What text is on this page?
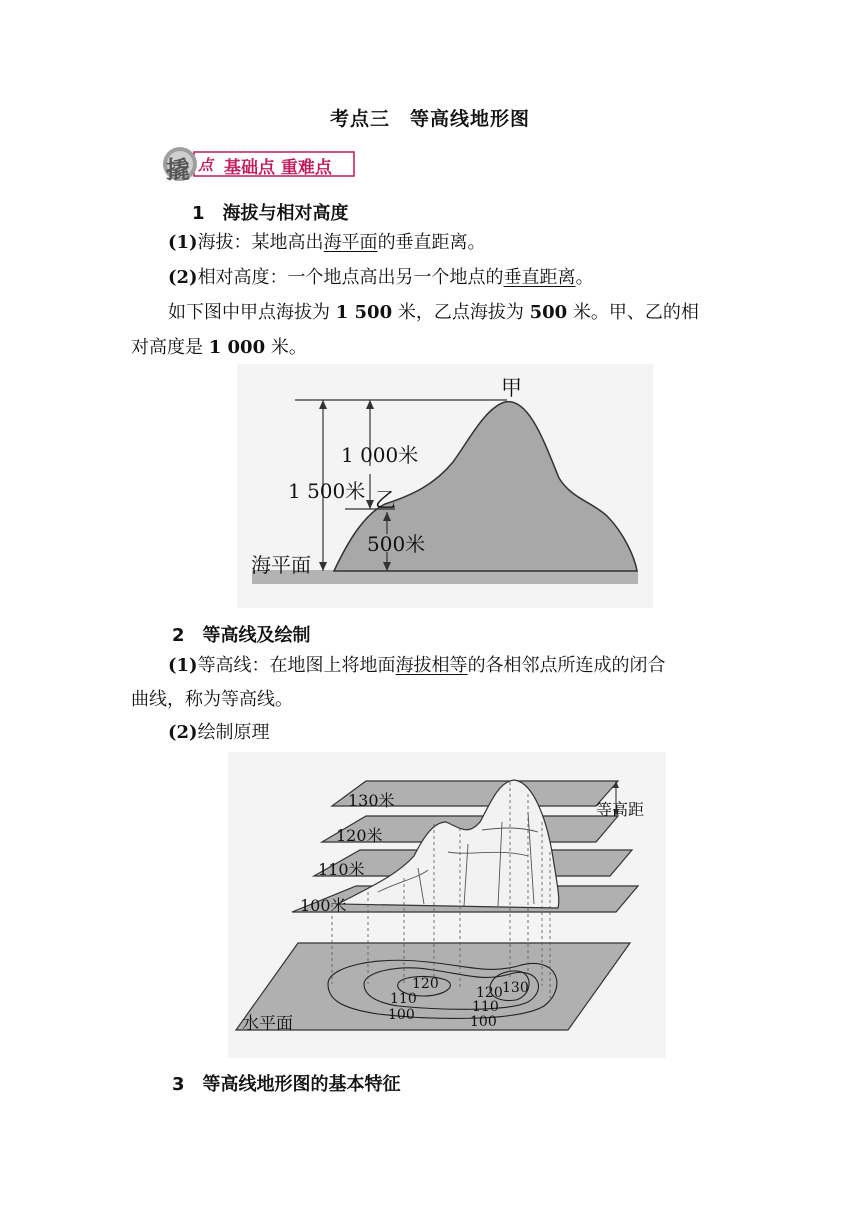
考点三　等高线地形图
撬 点 基础点 重难点
1　海拔与相对高度
(1)海拔：某地高出海平面的垂直距离。
(2)相对高度：一个地点高出另一个地点的垂直距离。
如下图中甲点海拔为 1 500 米，乙点海拔为 500 米。甲、乙的相
对高度是 1 000 米。
甲
乙
1 000米
1 500米
500米
海平面
2　等高线及绘制
(1)等高线：在地图上将地面海拔相等的各相邻点所连成的闭合
曲线，称为等高线。
(2)绘制原理
130米
120米
110米
100米
等高距
水平面
120
110
100
120 130
110
100
3　等高线地形图的基本特征
